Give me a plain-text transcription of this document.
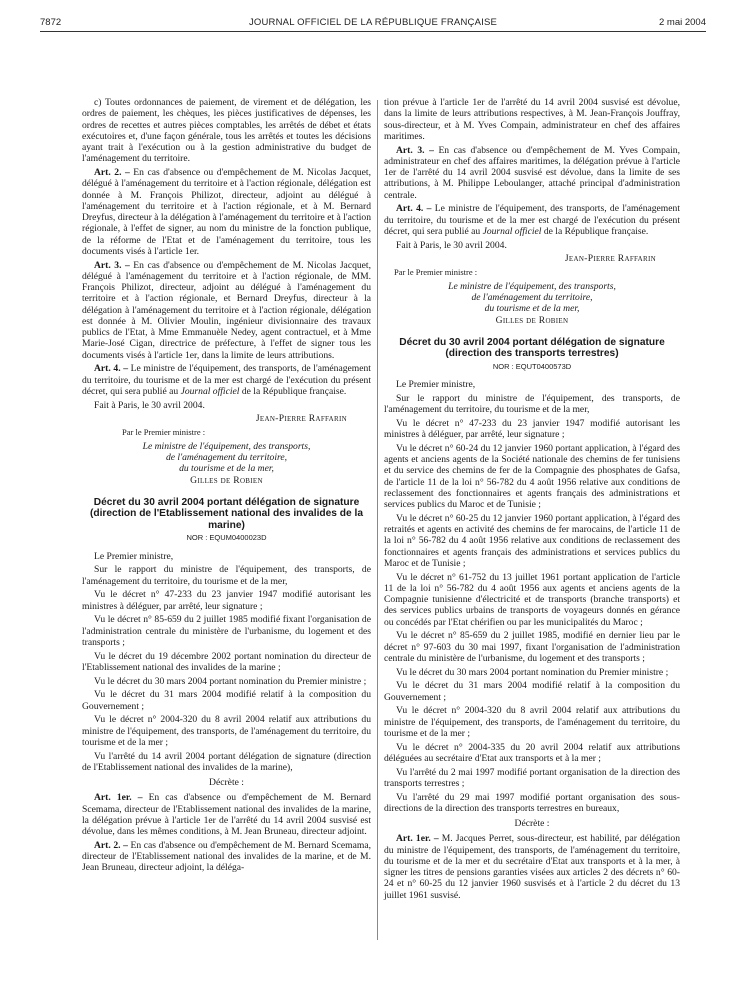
7872	JOURNAL OFFICIEL DE LA RÉPUBLIQUE FRANÇAISE	2 mai 2004

c) Toutes ordonnances de paiement, de virement et de délégation, les ordres de paiement, les chèques, les pièces justificatives de dépenses, les ordres de recettes et autres pièces comptables, les arrêtés de débet et états exécutoires et, d'une façon générale, tous les arrêtés et toutes les décisions ayant trait à l'exécution ou à la gestion administrative du budget de l'aménagement du territoire.

Art. 2. – En cas d'absence ou d'empêchement de M. Nicolas Jacquet, délégué à l'aménagement du territoire et à l'action régionale, délégation est donnée à M. François Philizot, directeur, adjoint au délégué à l'aménagement du territoire et à l'action régionale, et à M. Bernard Dreyfus, directeur à la délégation à l'aménagement du territoire et à l'action régionale, à l'effet de signer, au nom du ministre de la fonction publique, de la réforme de l'Etat et de l'aménagement du territoire, tous les documents visés à l'article 1er.

Art. 3. – En cas d'absence ou d'empêchement de M. Nicolas Jacquet, délégué à l'aménagement du territoire et à l'action régionale, de MM. François Philizot, directeur, adjoint au délégué à l'aménagement du territoire et à l'action régionale, et Bernard Dreyfus, directeur à la délégation à l'aménagement du territoire et à l'action régionale, délégation est donnée à M. Olivier Moulin, ingénieur divisionnaire des travaux publics de l'Etat, à Mme Emmanuèle Nedey, agent contractuel, et à Mme Marie-José Cigan, directrice de préfecture, à l'effet de signer tous les documents visés à l'article 1er, dans la limite de leurs attributions.

Art. 4. – Le ministre de l'équipement, des transports, de l'aménagement du territoire, du tourisme et de la mer est chargé de l'exécution du présent décret, qui sera publié au Journal officiel de la République française.

Fait à Paris, le 30 avril 2004.

Jean-Pierre Raffarin

Par le Premier ministre :

Le ministre de l'équipement, des transports,
de l'aménagement du territoire,
du tourisme et de la mer,
Gilles de Robien
Décret du 30 avril 2004 portant délégation de signature (direction de l'Etablissement national des invalides de la marine)
NOR : EQUM0400023D

Le Premier ministre,

Sur le rapport du ministre de l'équipement, des transports, de l'aménagement du territoire, du tourisme et de la mer,

Vu le décret n° 47-233 du 23 janvier 1947 modifié autorisant les ministres à déléguer, par arrêté, leur signature ;

Vu le décret n° 85-659 du 2 juillet 1985 modifié fixant l'organisation de l'administration centrale du ministère de l'urbanisme, du logement et des transports ;

Vu le décret du 19 décembre 2002 portant nomination du directeur de l'Etablissement national des invalides de la marine ;

Vu le décret du 30 mars 2004 portant nomination du Premier ministre ;

Vu le décret du 31 mars 2004 modifié relatif à la composition du Gouvernement ;

Vu le décret n° 2004-320 du 8 avril 2004 relatif aux attributions du ministre de l'équipement, des transports, de l'aménagement du territoire, du tourisme et de la mer ;

Vu l'arrêté du 14 avril 2004 portant délégation de signature (direction de l'Etablissement national des invalides de la marine),

Décrète :

Art. 1er. – En cas d'absence ou d'empêchement de M. Bernard Scemama, directeur de l'Etablissement national des invalides de la marine, la délégation prévue à l'article 1er de l'arrêté du 14 avril 2004 susvisé est dévolue, dans les mêmes conditions, à M. Jean Bruneau, directeur adjoint.

Art. 2. – En cas d'absence ou d'empêchement de M. Bernard Scemama, directeur de l'Etablissement national des invalides de la marine, et de M. Jean Bruneau, directeur adjoint, la déléga-

tion prévue à l'article 1er de l'arrêté du 14 avril 2004 susvisé est dévolue, dans la limite de leurs attributions respectives, à M. Jean-François Jouffray, sous-directeur, et à M. Yves Compain, administrateur en chef des affaires maritimes.

Art. 3. – En cas d'absence ou d'empêchement de M. Yves Compain, administrateur en chef des affaires maritimes, la délégation prévue à l'article 1er de l'arrêté du 14 avril 2004 susvisé est dévolue, dans la limite de ses attributions, à M. Philippe Leboulanger, attaché principal d'administration centrale.

Art. 4. – Le ministre de l'équipement, des transports, de l'aménagement du territoire, du tourisme et de la mer est chargé de l'exécution du présent décret, qui sera publié au Journal officiel de la République française.

Fait à Paris, le 30 avril 2004.

Jean-Pierre Raffarin

Par le Premier ministre :

Le ministre de l'équipement, des transports,
de l'aménagement du territoire,
du tourisme et de la mer,
Gilles de Robien
Décret du 30 avril 2004 portant délégation de signature (direction des transports terrestres)
NOR : EQUT0400573D

Le Premier ministre,

Sur le rapport du ministre de l'équipement, des transports, de l'aménagement du territoire, du tourisme et de la mer,

Vu le décret n° 47-233 du 23 janvier 1947 modifié autorisant les ministres à déléguer, par arrêté, leur signature ;

Vu le décret n° 60-24 du 12 janvier 1960 portant application, à l'égard des agents et anciens agents de la Société nationale des chemins de fer tunisiens et du service des chemins de fer de la Compagnie des phosphates de Gafsa, de l'article 11 de la loi n° 56-782 du 4 août 1956 relative aux conditions de reclassement des fonctionnaires et agents français des administrations et services publics du Maroc et de Tunisie ;

Vu le décret n° 60-25 du 12 janvier 1960 portant application, à l'égard des retraités et agents en activité des chemins de fer marocains, de l'article 11 de la loi n° 56-782 du 4 août 1956 relative aux conditions de reclassement des fonctionnaires et agents français des administrations et services publics du Maroc et de Tunisie ;

Vu le décret n° 61-752 du 13 juillet 1961 portant application de l'article 11 de la loi n° 56-782 du 4 août 1956 aux agents et anciens agents de la Compagnie tunisienne d'électricité et de transports (branche transports) et des services publics urbains de transports de voyageurs donnés en gérance ou concédés par l'Etat chérifien ou par les municipalités du Maroc ;

Vu le décret n° 85-659 du 2 juillet 1985, modifié en dernier lieu par le décret n° 97-603 du 30 mai 1997, fixant l'organisation de l'administration centrale du ministère de l'urbanisme, du logement et des transports ;

Vu le décret du 30 mars 2004 portant nomination du Premier ministre ;

Vu le décret du 31 mars 2004 modifié relatif à la composition du Gouvernement ;

Vu le décret n° 2004-320 du 8 avril 2004 relatif aux attributions du ministre de l'équipement, des transports, de l'aménagement du territoire, du tourisme et de la mer ;

Vu le décret n° 2004-335 du 20 avril 2004 relatif aux attributions déléguées au secrétaire d'Etat aux transports et à la mer ;

Vu l'arrêté du 2 mai 1997 modifié portant organisation de la direction des transports terrestres ;

Vu l'arrêté du 29 mai 1997 modifié portant organisation des sous-directions de la direction des transports terrestres en bureaux,

Décrète :

Art. 1er. – M. Jacques Perret, sous-directeur, est habilité, par délégation du ministre de l'équipement, des transports, de l'aménagement du territoire, du tourisme et de la mer et du secrétaire d'Etat aux transports et à la mer, à signer les titres de pensions garanties visées aux articles 2 des décrets n° 60-24 et n° 60-25 du 12 janvier 1960 susvisés et à l'article 2 du décret du 13 juillet 1961 susvisé.
